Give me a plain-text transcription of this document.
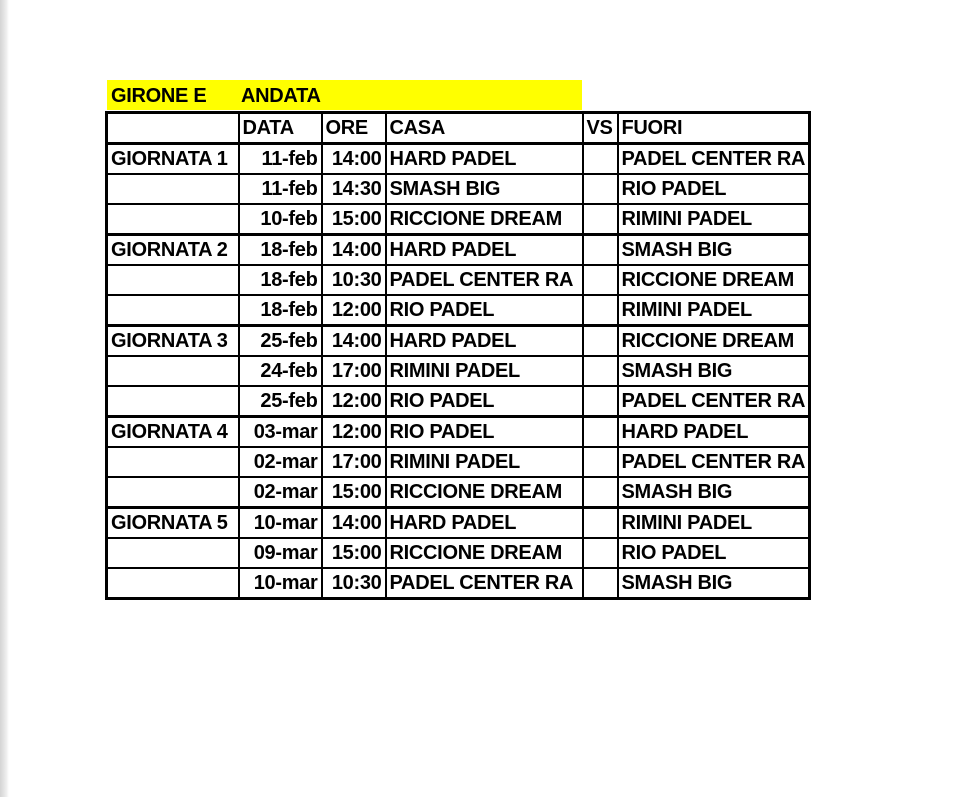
GIRONE E ANDATA
	DATA	ORE	CASA	VS	FUORI
GIORNATA 1	11-feb	14:00	HARD PADEL		PADEL CENTER RA
	11-feb	14:30	SMASH BIG		RIO PADEL
	10-feb	15:00	RICCIONE DREAM		RIMINI PADEL
GIORNATA 2	18-feb	14:00	HARD PADEL		SMASH BIG
	18-feb	10:30	PADEL CENTER RA		RICCIONE DREAM
	18-feb	12:00	RIO PADEL		RIMINI PADEL
GIORNATA 3	25-feb	14:00	HARD PADEL		RICCIONE DREAM
	24-feb	17:00	RIMINI PADEL		SMASH BIG
	25-feb	12:00	RIO PADEL		PADEL CENTER RA
GIORNATA 4	03-mar	12:00	RIO PADEL		HARD PADEL
	02-mar	17:00	RIMINI PADEL		PADEL CENTER RA
	02-mar	15:00	RICCIONE DREAM		SMASH BIG
GIORNATA 5	10-mar	14:00	HARD PADEL		RIMINI PADEL
	09-mar	15:00	RICCIONE DREAM		RIO PADEL
	10-mar	10:30	PADEL CENTER RA		SMASH BIG
